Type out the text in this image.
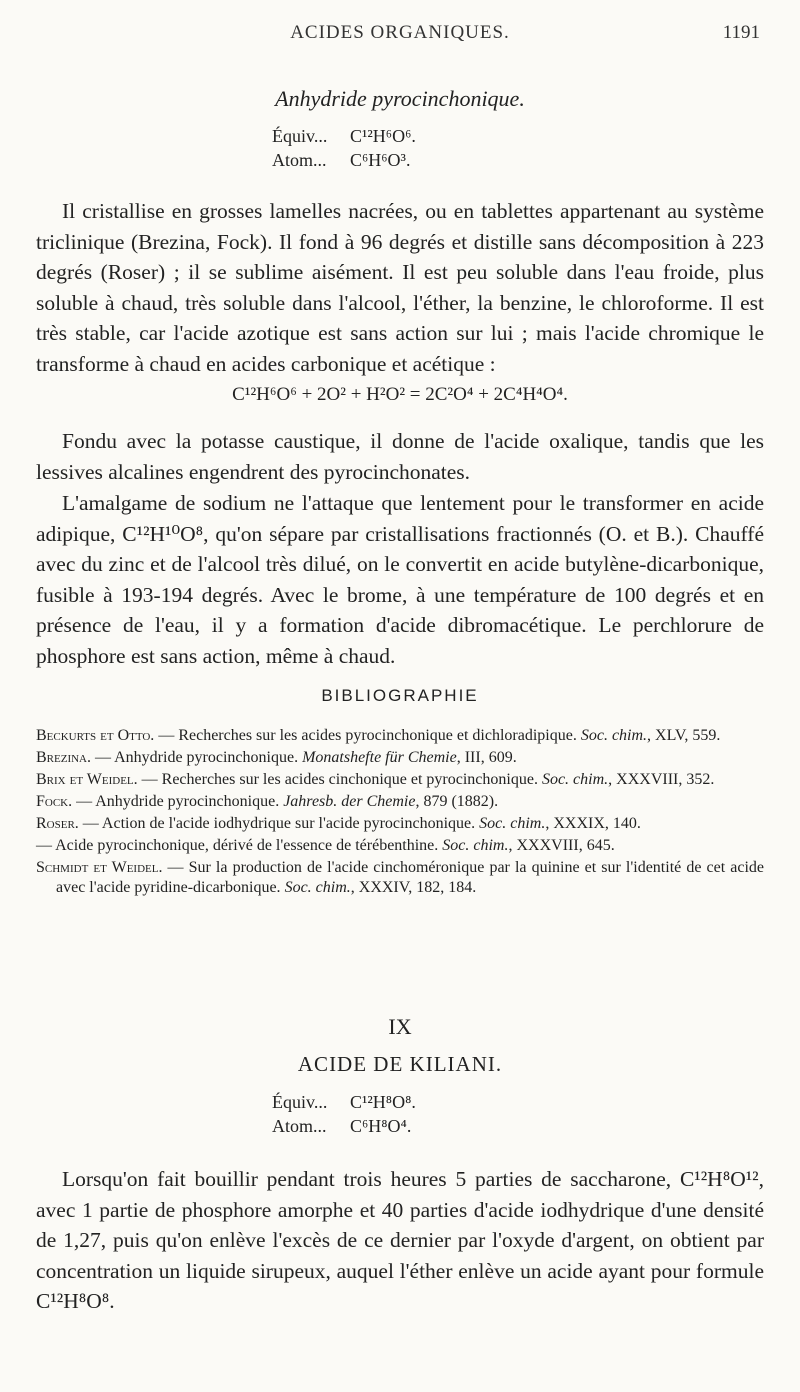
ACIDES ORGANIQUES.	1191
Anhydride pyrocinchonique.
Équiv... C¹²H⁶O⁶.
Atom... C⁶H⁶O³.

Il cristallise en grosses lamelles nacrées, ou en tablettes appartenant au système triclinique (Brezina, Fock). Il fond à 96 degrés et distille sans décomposition à 223 degrés (Roser) ; il se sublime aisément. Il est peu soluble dans l'eau froide, plus soluble à chaud, très soluble dans l'alcool, l'éther, la benzine, le chloroforme. Il est très stable, car l'acide azotique est sans action sur lui ; mais l'acide chromique le transforme à chaud en acides carbonique et acétique :

C¹²H⁶O⁶ + 2O² + H²O² = 2C²O⁴ + 2C⁴H⁴O⁴.

Fondu avec la potasse caustique, il donne de l'acide oxalique, tandis que les lessives alcalines engendrent des pyrocinchonates.

L'amalgame de sodium ne l'attaque que lentement pour le transformer en acide adipique, C¹²H¹⁰O⁸, qu'on sépare par cristallisations fractionnés (O. et B.). Chauffé avec du zinc et de l'alcool très dilué, on le convertit en acide butylène-dicarbonique, fusible à 193-194 degrés. Avec le brome, à une température de 100 degrés et en présence de l'eau, il y a formation d'acide dibromacétique. Le perchlorure de phosphore est sans action, même à chaud.

BIBLIOGRAPHIE

Beckurts et Otto. — Recherches sur les acides pyrocinchonique et dichloradipique. Soc. chim., XLV, 559.

Brezina. — Anhydride pyrocinchonique. Monatshefte für Chemie, III, 609.

Brix et Weidel. — Recherches sur les acides cinchonique et pyrocinchonique. Soc. chim., XXXVIII, 352.

Fock. — Anhydride pyrocinchonique. Jahresb. der Chemie, 879 (1882).

Roser. — Action de l'acide iodhydrique sur l'acide pyrocinchonique. Soc. chim., XXXIX, 140.

— Acide pyrocinchonique, dérivé de l'essence de térébenthine. Soc. chim., XXXVIII, 645.

Schmidt et Weidel. — Sur la production de l'acide cinchoméronique par la quinine et sur l'identité de cet acide avec l'acide pyridine-dicarbonique. Soc. chim., XXXIV, 182, 184.

IX
ACIDE DE KILIANI.
Équiv... C¹²H⁸O⁸.
Atom... C⁶H⁸O⁴.

Lorsqu'on fait bouillir pendant trois heures 5 parties de saccharone, C¹²H⁸O¹², avec 1 partie de phosphore amorphe et 40 parties d'acide iodhydrique d'une densité de 1,27, puis qu'on enlève l'excès de ce dernier par l'oxyde d'argent, on obtient par concentration un liquide sirupeux, auquel l'éther enlève un acide ayant pour formule C¹²H⁸O⁸.
